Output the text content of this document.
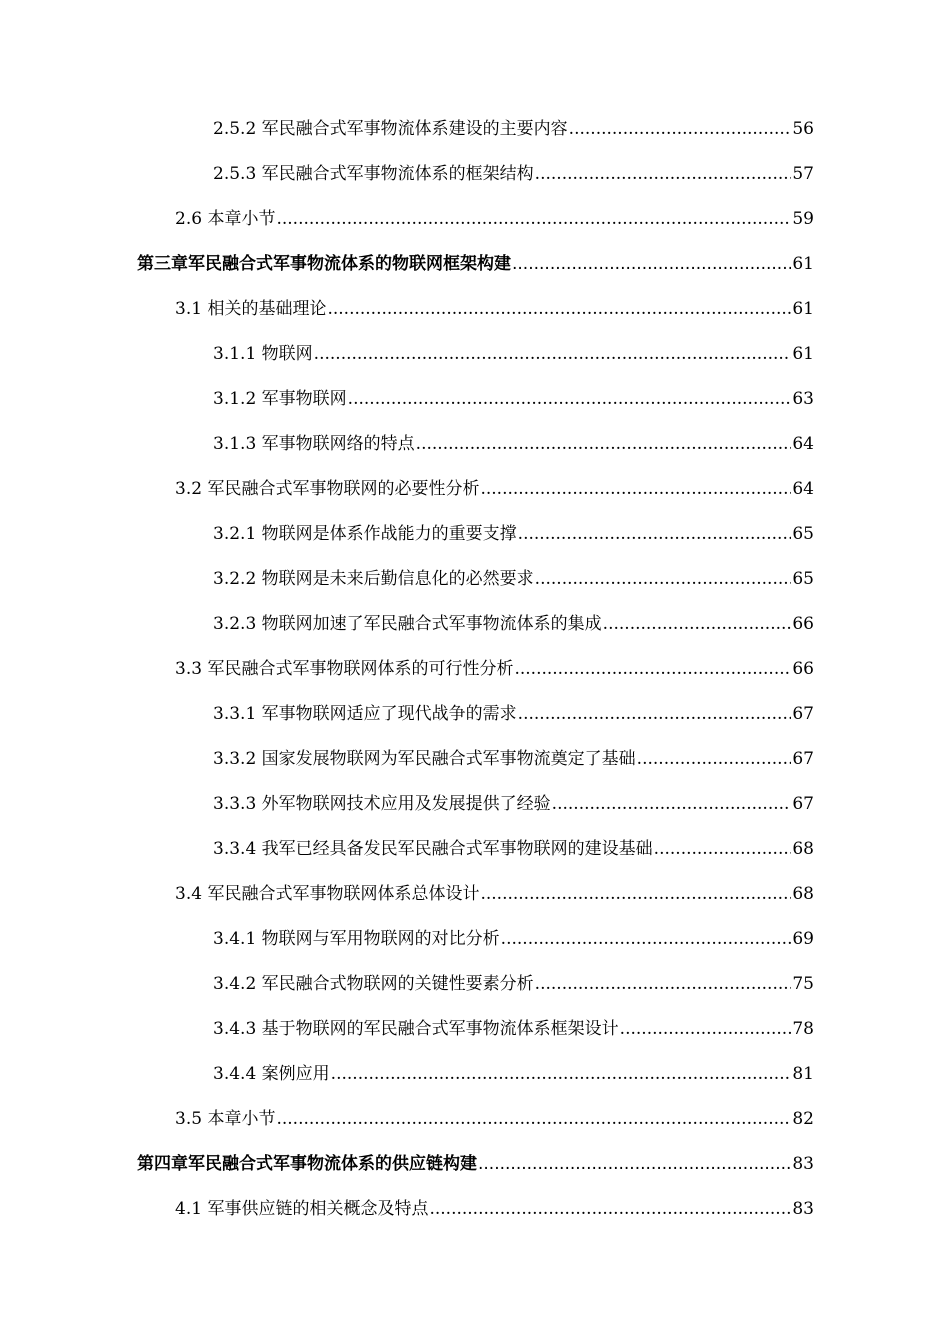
2.5.2 军民融合式军事物流体系建设的主要内容 .....	56
2.5.3 军民融合式军事物流体系的框架结构 .....	57
2.6 本章小节 .....	59
第三章军民融合式军事物流体系的物联网框架构建 .....	61
3.1 相关的基础理论 .....	61
3.1.1 物联网 .....	61
3.1.2 军事物联网 .....	63
3.1.3 军事物联网络的特点 .....	64
3.2 军民融合式军事物联网的必要性分析 .....	64
3.2.1 物联网是体系作战能力的重要支撑 .....	65
3.2.2 物联网是未来后勤信息化的必然要求 .....	65
3.2.3 物联网加速了军民融合式军事物流体系的集成 .....	66
3.3 军民融合式军事物联网体系的可行性分析 .....	66
3.3.1 军事物联网适应了现代战争的需求 .....	67
3.3.2 国家发展物联网为军民融合式军事物流奠定了基础 .....	67
3.3.3 外军物联网技术应用及发展提供了经验 .....	67
3.3.4 我军已经具备发民军民融合式军事物联网的建设基础 .....	68
3.4 军民融合式军事物联网体系总体设计 .....	68
3.4.1 物联网与军用物联网的对比分析 .....	69
3.4.2 军民融合式物联网的关键性要素分析 .....	75
3.4.3 基于物联网的军民融合式军事物流体系框架设计 .....	78
3.4.4 案例应用 .....	81
3.5 本章小节 .....	82
第四章军民融合式军事物流体系的供应链构建 .....	83
4.1 军事供应链的相关概念及特点 .....	83
